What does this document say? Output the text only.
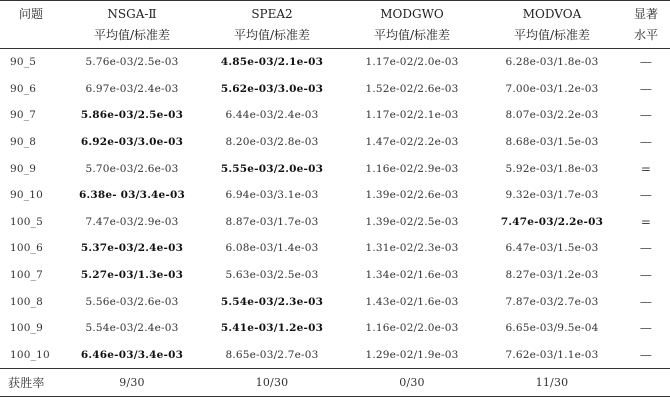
问题	NSGA-Ⅱ	SPEA2	MODGWO	MODVOA	显著
	平均值/标准差	平均值/标准差	平均值/标准差	平均值/标准差	水平
90_5	5.76e-03/2.5e-03	4.85e-03/2.1e-03	1.17e-02/2.0e-03	6.28e-03/1.8e-03	—
90_6	6.97e-03/2.4e-03	5.62e-03/3.0e-03	1.52e-02/2.6e-03	7.00e-03/1.2e-03	—
90_7	5.86e-03/2.5e-03	6.44e-03/2.4e-03	1.17e-02/2.1e-03	8.07e-03/2.2e-03	—
90_8	6.92e-03/3.0e-03	8.20e-03/2.8e-03	1.47e-02/2.2e-03	8.68e-03/1.5e-03	—
90_9	5.70e-03/2.6e-03	5.55e-03/2.0e-03	1.16e-02/2.9e-03	5.92e-03/1.8e-03	=
90_10	6.38e- 03/3.4e-03	6.94e-03/3.1e-03	1.39e-02/2.6e-03	9.32e-03/1.7e-03	—
100_5	7.47e-03/2.9e-03	8.87e-03/1.7e-03	1.39e-02/2.5e-03	7.47e-03/2.2e-03	=
100_6	5.37e-03/2.4e-03	6.08e-03/1.4e-03	1.31e-02/2.3e-03	6.47e-03/1.5e-03	—
100_7	5.27e-03/1.3e-03	5.63e-03/2.5e-03	1.34e-02/1.6e-03	8.27e-03/1.2e-03	—
100_8	5.56e-03/2.6e-03	5.54e-03/2.3e-03	1.43e-02/1.6e-03	7.87e-03/2.7e-03	—
100_9	5.54e-03/2.4e-03	5.41e-03/1.2e-03	1.16e-02/2.0e-03	6.65e-03/9.5e-04	—
100_10	6.46e-03/3.4e-03	8.65e-03/2.7e-03	1.29e-02/1.9e-03	7.62e-03/1.1e-03	—
获胜率	9/30	10/30	0/30	11/30	
